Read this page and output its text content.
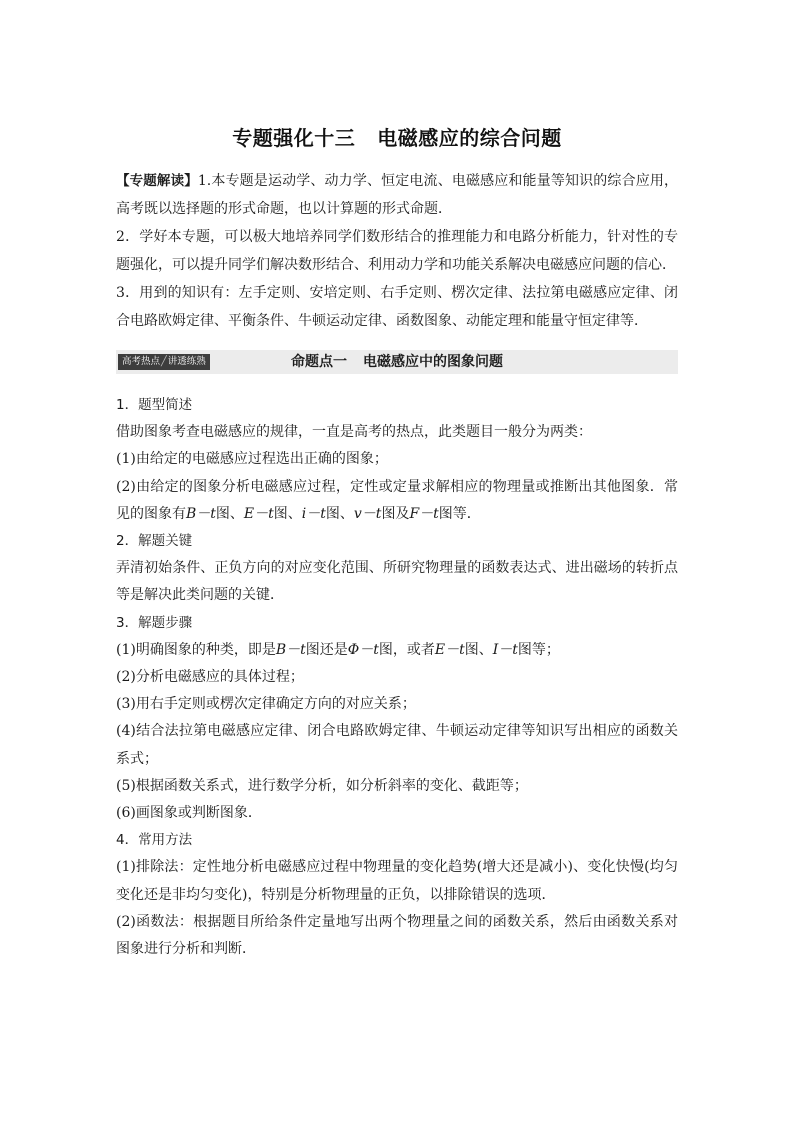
专题强化十三 电磁感应的综合问题

【专题解读】1.本专题是运动学、动力学、恒定电流、电磁感应和能量等知识的综合应用，高考既以选择题的形式命题，也以计算题的形式命题．

2．学好本专题，可以极大地培养同学们数形结合的推理能力和电路分析能力，针对性的专题强化，可以提升同学们解决数形结合、利用动力学和功能关系解决电磁感应问题的信心．

3．用到的知识有：左手定则、安培定则、右手定则、楞次定律、法拉第电磁感应定律、闭合电路欧姆定律、平衡条件、牛顿运动定律、函数图象、动能定理和能量守恒定律等．

高考热点╱讲透练熟	命题点一 电磁感应中的图象问题

1．题型简述

借助图象考查电磁感应的规律，一直是高考的热点，此类题目一般分为两类：

(1)由给定的电磁感应过程选出正确的图象；

(2)由给定的图象分析电磁感应过程，定性或定量求解相应的物理量或推断出其他图象．常见的图象有B－t图、E－t图、i－t图、v－t图及F－t图等．

2．解题关键

弄清初始条件、正负方向的对应变化范围、所研究物理量的函数表达式、进出磁场的转折点等是解决此类问题的关键．

3．解题步骤

(1)明确图象的种类，即是B－t图还是Φ－t图，或者E－t图、I－t图等；

(2)分析电磁感应的具体过程；

(3)用右手定则或楞次定律确定方向的对应关系；

(4)结合法拉第电磁感应定律、闭合电路欧姆定律、牛顿运动定律等知识写出相应的函数关系式；

(5)根据函数关系式，进行数学分析，如分析斜率的变化、截距等；

(6)画图象或判断图象．

4．常用方法

(1)排除法：定性地分析电磁感应过程中物理量的变化趋势(增大还是减小)、变化快慢(均匀变化还是非均匀变化)，特别是分析物理量的正负，以排除错误的选项．

(2)函数法：根据题目所给条件定量地写出两个物理量之间的函数关系，然后由函数关系对图象进行分析和判断．
